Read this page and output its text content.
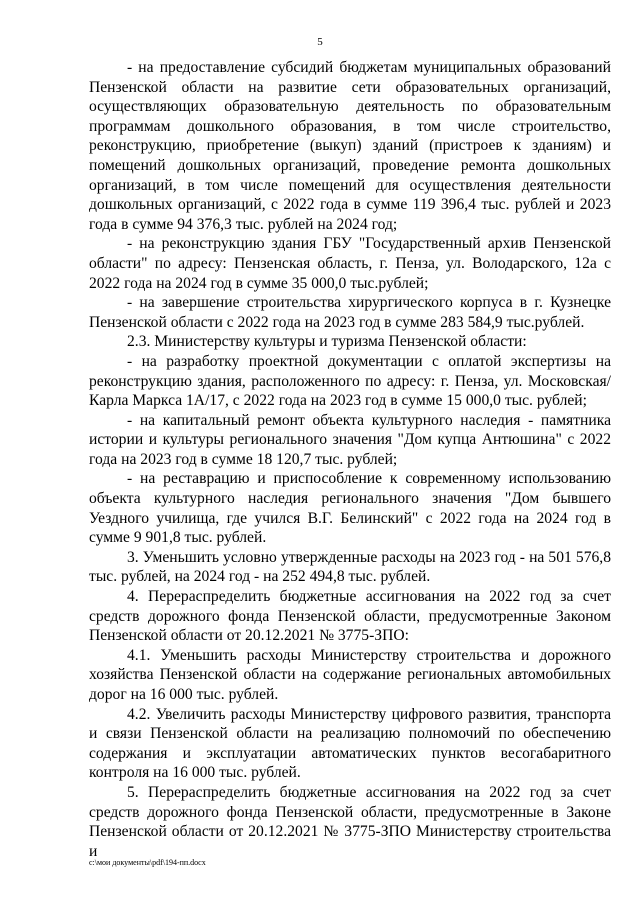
5

- на предоставление субсидий бюджетам муниципальных образований Пензенской области на развитие сети образовательных организаций, осуществляющих образовательную деятельность по образовательным программам дошкольного образования, в том числе строительство, реконструкцию, приобретение (выкуп) зданий (пристроев к зданиям) и помещений дошкольных организаций, проведение ремонта дошкольных организаций, в том числе помещений для осуществления деятельности дошкольных организаций, с 2022 года в сумме 119 396,4 тыс. рублей и 2023 года в сумме 94 376,3 тыс. рублей на 2024 год;

- на реконструкцию здания ГБУ "Государственный архив Пензенской области" по адресу: Пензенская область, г. Пенза, ул. Володарского, 12а с 2022 года на 2024 год в сумме 35 000,0 тыс.рублей;

- на завершение строительства хирургического корпуса в г. Кузнецке Пензенской области с 2022 года на 2023 год в сумме 283 584,9 тыс.рублей.

2.3. Министерству культуры и туризма Пензенской области:

- на разработку проектной документации с оплатой экспертизы на реконструкцию здания, расположенного по адресу: г. Пенза, ул. Московская/Карла Маркса 1А/17, с 2022 года на 2023 год в сумме 15 000,0 тыс. рублей;

- на капитальный ремонт объекта культурного наследия - памятника истории и культуры регионального значения "Дом купца Антюшина" с 2022 года на 2023 год в сумме 18 120,7 тыс. рублей;

- на реставрацию и приспособление к современному использованию объекта культурного наследия регионального значения "Дом бывшего Уездного училища, где учился В.Г. Белинский" с 2022 года на 2024 год в сумме 9 901,8 тыс. рублей.

3. Уменьшить условно утвержденные расходы на 2023 год - на 501 576,8 тыс. рублей, на 2024 год - на 252 494,8 тыс. рублей.

4. Перераспределить бюджетные ассигнования на 2022 год за счет средств дорожного фонда Пензенской области, предусмотренные Законом Пензенской области от 20.12.2021 № 3775-ЗПО:

4.1. Уменьшить расходы Министерству строительства и дорожного хозяйства Пензенской области на содержание региональных автомобильных дорог на 16 000 тыс. рублей.

4.2. Увеличить расходы Министерству цифрового развития, транспорта и связи Пензенской области на реализацию полномочий по обеспечению содержания и эксплуатации автоматических пунктов весогабаритного контроля на 16 000 тыс. рублей.

5. Перераспределить бюджетные ассигнования на 2022 год за счет средств дорожного фонда Пензенской области, предусмотренные в Законе Пензенской области от 20.12.2021 № 3775-ЗПО Министерству строительства и

c:\мои документы\рdf\194-пп.docx
